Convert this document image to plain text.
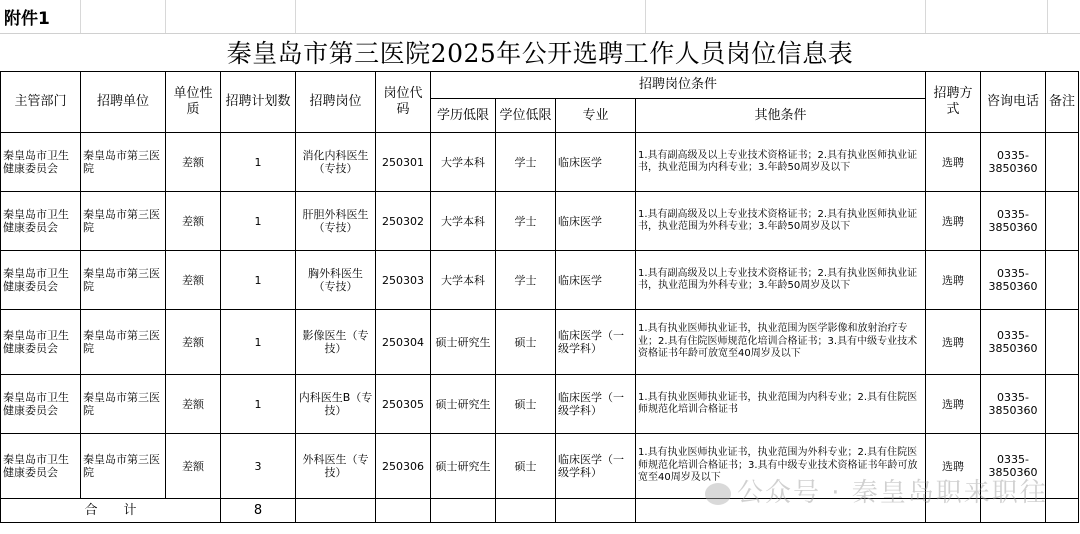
附件1
秦皇岛市第三医院2025年公开选聘工作人员岗位信息表
主管部门	招聘单位	单位性质	招聘计划数	招聘岗位	岗位代码	招聘岗位条件				招聘方式	咨询电话	备注
						学历低限	学位低限	专业	其他条件			
秦皇岛市卫生健康委员会	秦皇岛市第三医院	差额	1	消化内科医生（专技）	250301	大学本科	学士	临床医学	1.具有副高级及以上专业技术资格证书；2.具有执业医师执业证书，执业范围为内科专业；3.年龄50周岁及以下	选聘	0335-3850360	
秦皇岛市卫生健康委员会	秦皇岛市第三医院	差额	1	肝胆外科医生（专技）	250302	大学本科	学士	临床医学	1.具有副高级及以上专业技术资格证书；2.具有执业医师执业证书，执业范围为外科专业；3.年龄50周岁及以下	选聘	0335-3850360	
秦皇岛市卫生健康委员会	秦皇岛市第三医院	差额	1	胸外科医生（专技）	250303	大学本科	学士	临床医学	1.具有副高级及以上专业技术资格证书；2.具有执业医师执业证书，执业范围为外科专业；3.年龄50周岁及以下	选聘	0335-3850360	
秦皇岛市卫生健康委员会	秦皇岛市第三医院	差额	1	影像医生（专技）	250304	硕士研究生	硕士	临床医学（一级学科）	1.具有执业医师执业证书，执业范围为医学影像和放射治疗专业；2.具有住院医师规范化培训合格证书；3.具有中级专业技术资格证书年龄可放宽至40周岁及以下	选聘	0335-3850360	
秦皇岛市卫生健康委员会	秦皇岛市第三医院	差额	1	内科医生B（专技）	250305	硕士研究生	硕士	临床医学（一级学科）	1.具有执业医师执业证书，执业范围为内科专业；2.具有住院医师规范化培训合格证书	选聘	0335-3850360	
秦皇岛市卫生健康委员会	秦皇岛市第三医院	差额	3	外科医生（专技）	250306	硕士研究生	硕士	临床医学（一级学科）	1.具有执业医师执业证书，执业范围为外科专业；2.具有住院医师规范化培训合格证书；3.具有中级专业技术资格证书年龄可放宽至40周岁及以下	选聘	0335-3850360	
合　　计			8									
公众号 · 秦皇岛职来职往
